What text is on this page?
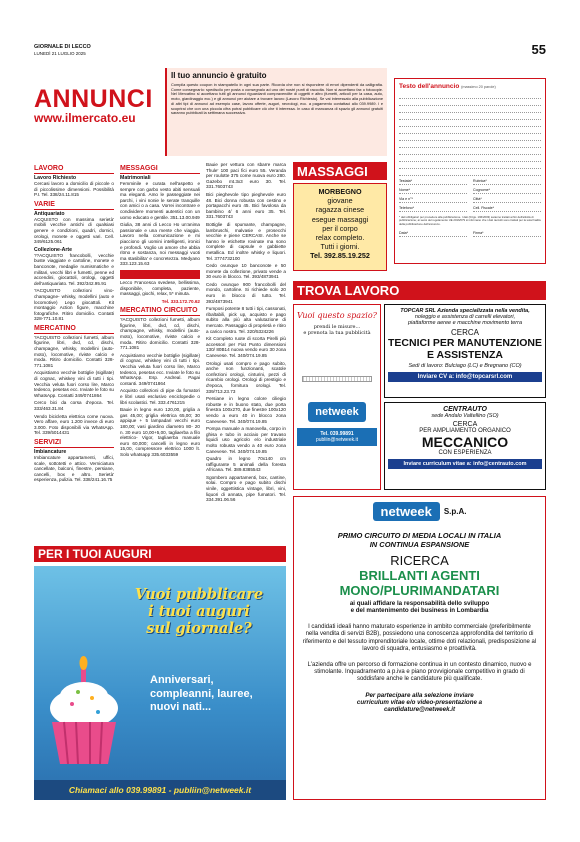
GIORNALE DI LECCO
LUNEDÌ 21 LUGLIO 2025	55
ANNUNCI
www.ilmercato.eu
Il tuo annuncio è gratuito
Compila questo coupon in stampatello in ogni sua parte. Ricorda che non si rispondere di errori dipendenti da calligrafia. Come consegnarlo: spediscilo per posta o consegnalo ad uno dei nostri punti di raccolta. Non si accettano fax o fotocopie. Nel Mercatino si accettano tutti gli annunci riguardanti compravendite di oggetti e altro (fumetti, articoli per la casa, auto, moto, giardinaggio ecc.) e gli annunci per aiutare a trovare lavoro (Lavoro Richiesto). Se vai interessato alla pubblicazione di altri tipi di annunci ad esempio case, lavoro offerte, auguri, necrologi, ecc. a pagamento contattaci allo 039.9989. I e scoprirai che con una piccola cifra potrai pubblicare ciò che ti interessa. In caso di mancanza di spazio gli annunci gratuiti saranno pubblicati la settimana successiva.
Testo dell'annuncio (massimo 20 parole)
Testata*	Rubrica*
Nome*	Cognome*
Via e n°*	Città*
Telefono*	Cell. Fiscale*
* dati obbligatori per procedere alla pubblicazione. I dati (D.lgs. 196/2003) saranno trattati ai fini dell'attività di pubblicazione; ai sensi del regolamento UE 2016/679 si informano che i dati raccolti sono trattati per la sola finalità della pubblicazione dell'annuncio.
Data*	Firma*
LAVORO
Lavoro Richiesto

Cercasi lavoro a domicilio di piccole o di piccolissime dimensioni. Possibilità P.I. Tel. 338/24.11.815

VARIE
Antiquariato

ACQUISTO con massima serietà' mobili vecchie antichi di qualsiasi genere e condizioni, quadri, dornici, orologi, monete e oggetti vari. Cell. 349/6125.061

Collezione-Arte

??ACQUISTO francobolli, vecchie buste viaggiate e cartoline, monete e banconote, medaglie numismatiche e militari, vecchi libri e fumetti, penne ed accendini, giocattoli, orologi, oggetti dell'antiquariato. Tel. 392/342.95.91

?ACQUISTO collezioni vino-champagne- whisky, modellini (auto e locomotive) Lego giocattoli. Kit montaggio Action figure, macchine fotografiche. Ritiro domicilio. Contatti 328-771.10.81

MERCATINO

?ACQUISTO collezioni fumetti, album figurine, libri, dvd, cd, dischi, champagne, whisky, modellini (auto- moto), locomotive, riviste calcio e moda. Ritiro domicilio. Contatti 328-771.1081

Acquistiamo vecchie bottiglie (sigillate) di cognac, whiskey vini di tutti i tipi. Vecchia veluta fuori corso lire, Marco tedesco, pesetas ecc. Inviate le foto su WhatsApp. Contatti 349/0741864

Cerco bici da corsa d'epoca. Tel. 333/463.31.84

Vendo bicicletta elettrica come nuova. Vero affare, euro 1.200 invece di euro 3.000. Foto disponibili via WhatsApp. Tel. 339/5014431

SERVIZI
Imbiancature

Imbiancature appartamenti, uffici, scale, sottotetti e attico. Verniciatura cancellate, balconi, finestre, persiane, cancelli, box e altro. Serietà' esperienza, pulizia. Tel. 338/241.16.75

MESSAGGI
Matrimoniali

Femminile e curata nell'aspetto e sempre con garbo vesto abiti sensuali ma eleganti. Amo le passeggiate nei parchi, i vini nonie le serate tranquille con amici o a casa. Vorrei incontrare e condividere momenti autentici con un uomo educato e gentile. 351.13.00.949

Giulia, 38 anni di Lecco Ho un'anima passionale e una mente che viaggia. Lavoro nella comunicazione e mi piacciono gli uomini intelligenti, ironici e profondi. Voglio un amore che abbia ritmo e sostanza, noi messaggi vuoti ma stasibilita' e concretezza. Medyano 333.123.15.63

PERSONALI

Lecco Francesca svedese, bellissima, disponibile, completa, paziente, massaggi, giochi, relax, 5* minuta.

Tel. 333.172.70.62

MERCATINO CIRCUITO

?ACQUISTO collezioni fumetti, album figurine, libri, dvd, cd, dischi, champagne, whisky, modellini (auto- moto), locomotive, riviste calcio e moda. Ritiro domicilio. Contatti 328-771.1081

Acquistiamo vecchie bottiglie (sigillate) di cognac, whiskey vini di tutti i tipi. Vecchia veluta fuori corso lire, Marco tedesco, pesetas ecc. Inviate le foto su WhatsApp. Esp. Andreal. Pagai contanti. 349/0741864

Acquisto collezioni di pipe da fumatori e libri usati esclusivo enciclopedie o libri scolastici. Tel. 333.4761215

Bauie in legno euro 120,00, griglia a gas 45,00; griglia elettrica 65,00; 30 appique + 5 lampadari vecchi euro 180,00; vasi giardino diametro 80- 20 n. 30 euro 10,00+5,00, tagliaerba a filo elettrico- Vigor, tagliaerba manuale euro 60,000; cancelli in legno euro 15,00, compressore elettrico 1000 lt. Solo whatsapp 335.6033559

Bauie per vettura con sbarre marca Thule' 100 paci fici euro 55. Veranda per roulotte 375 come nuova euro 280. Gazebo mt.3x3 euro 30. Tel. 331.7603743

Bici pieghevole tipo pieghevole euro 48. Bici donna robusta con cestino e portapacchi euro 45. Bici favolosa da bambino 4/ 6 anni euro 35. Tel. 331.7603743

Bottiglie di spumante, champagne, lambruschi, malvasie e prosecchi vecchie e piene CERCASI. Anche se hanno le etichette rovinate ma sono complete di capsule e gabbiette metallica. Ed inoltre whisky e liquori. Tel. 3774732100

Cedo ovunque 10 banconote e 50 monete da collezione, privato vende a 30 euro in blocco. Tel. 393/4873941

Cedo ovunque 900 francobolli del mondo, cartoline. Si richiede solo 20 euro in blocco di tutto. Tel. 393/4873941

Fumposi potente 8 tutti i tipi, cassonati, ribaltabili, pick up, acquisto e pago subito alla più alta valutazione di mercato. Passaggio di proprietà e ritiro a carico nostro. Tel. 320/5324226

Kit Completo ruote di scorta Pirelli più accessori per Fiat Punto dimensioni 130/ 80B14 nuova vendo euro 30 zona Canevese. Tel. 340/074.19.85

Orologi usati compro e pago subito, anche non funzionanti, scatole confezioni orologi, cinturini, pezzi di ricambio orologi. Orologi di prestigio e d'epoca, fornitura orologi. Tel. 339/713.23.73

Persiane in legno colore ciliegio robuste e in buono stato, due porta finestra 100x270, due finestre 100x120 vendo a euro 40 in blocco zona Canevese. Tel. 340/074.19.85

Pompa manuale a manovella, corpo in ghisa e tubo in acciaio per travaso liquidi uso agricolo e/o industriale molto robusta vendo a 40 euro zona Canevese. Tel. 340/074.19.85

Quadro in legno 70x140 cm raffigurante 5 animali della foresta Africana. Tel. 389.8385543

Sgombero appartamenti, box, cantine, solai. Compro e pago subito dischi vinile, oggettistica vintage, libri, vini, liquori di annata, pipe fumatori. Tel. 334.391.06.56

MASSAGGI
MORBEGNO
giovane
ragazza cinese
esegue massaggi
per il corpo
relax completo.
Tutti i giorni.
Tel. 392.85.19.252
TROVA LAVORO
Vuoi questo spazio?
prendi le misure...
e prenota la tua pubblicità
netweek
Tel. 039.99891
publiin@netweek.it
TOPCAR SRL Azienda specializzata nella vendita,
noleggio e assistenza di carrelli elevatori,
piattaforme aeree e macchine movimento terra
CERCA
TECNICI PER MANUTENZIONE
E ASSISTENZA
Sedi di lavoro: Bulciago (LC) e Bregnano (CO)
Inviare CV a: info@topcarsrl.com
CENTRAUTO
sede Andalo Valtellino (SO)
CERCA
PER AMPLIAMENTO ORGANICO
MECCANICO
CON ESPERIENZA
Inviare curriculum vitae a: info@centrauto.com
netweek	S.p.A.
PRIMO CIRCUITO DI MEDIA LOCALI IN ITALIA
IN CONTINUA ESPANSIONE
RICERCA
BRILLANTI AGENTI
MONO/PLURIMANDATARI
ai quali affidare la responsabilità dello sviluppo
e del mantenimento dei business in Lombardia
I candidati ideali hanno maturato esperienze in ambito commerciale (preferibilmente nella vendita di servizi B2B), possiedono una conoscenza approfondita del territorio di riferimento e del tessuto imprenditoriale locale, ottime doti relazionali, predisposizione al lavoro di squadra, entusiasmo e proattività.
L'azienda offre un percorso di formazione continua in un contesto dinamico, nuovo e stimolante. Inquadramento a p.iva e piano provvigionale competitivo in grado di soddisfare anche le candidature più qualificate.
Per partecipare alla selezione inviare
curriculum vitae e/o video-presentazione a
candidature@netweek.it
PER I TUOI AUGURI
Vuoi pubblicare
i tuoi auguri
sul giornale?
Anniversari,
compleanni, lauree,
nuovi nati...
Chiamaci allo 039.99891 - publiin@netweek.it
